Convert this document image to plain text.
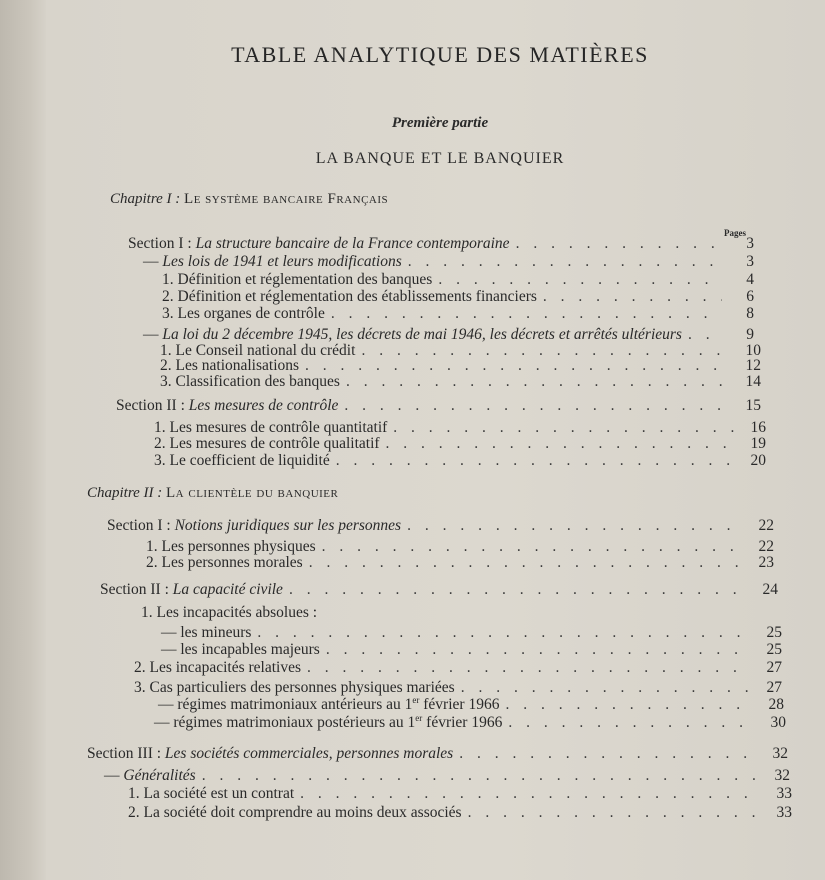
TABLE ANALYTIQUE DES MATIÈRES
Première partie
LA BANQUE ET LE BANQUIER
Chapitre I : Le système bancaire Français
Pages
Section I : La structure bancaire de la France contemporaine . . .	3
— Les lois de 1941 et leurs modifications . . .	3
1. Définition et réglementation des banques . . .	4
2. Définition et réglementation des établissements financiers . . .	6
3. Les organes de contrôle . . .	8
— La loi du 2 décembre 1945, les décrets de mai 1946, les décrets et arrêtés ultérieurs . . .	9
1. Le Conseil national du crédit . . .	10
2. Les nationalisations . . .	12
3. Classification des banques . . .	14
Section II : Les mesures de contrôle . . .	15
1. Les mesures de contrôle quantitatif . . .	16
2. Les mesures de contrôle qualitatif . . .	19
3. Le coefficient de liquidité . . .	20
Chapitre II : La clientèle du banquier
Section I : Notions juridiques sur les personnes . . .	22
1. Les personnes physiques . . .	22
2. Les personnes morales . . .	23
Section II : La capacité civile . . .	24
1. Les incapacités absolues :
— les mineurs . . .	25
— les incapables majeurs . . .	25
2. Les incapacités relatives . . .	27
3. Cas particuliers des personnes physiques mariées . . .	27
— régimes matrimoniaux antérieurs au 1er février 1966 . . .	28
— régimes matrimoniaux postérieurs au 1er février 1966 . . .	30
Section III : Les sociétés commerciales, personnes morales . . .	32
— Généralités . . .	32
1. La société est un contrat . . .	33
2. La société doit comprendre au moins deux associés . . .	33
